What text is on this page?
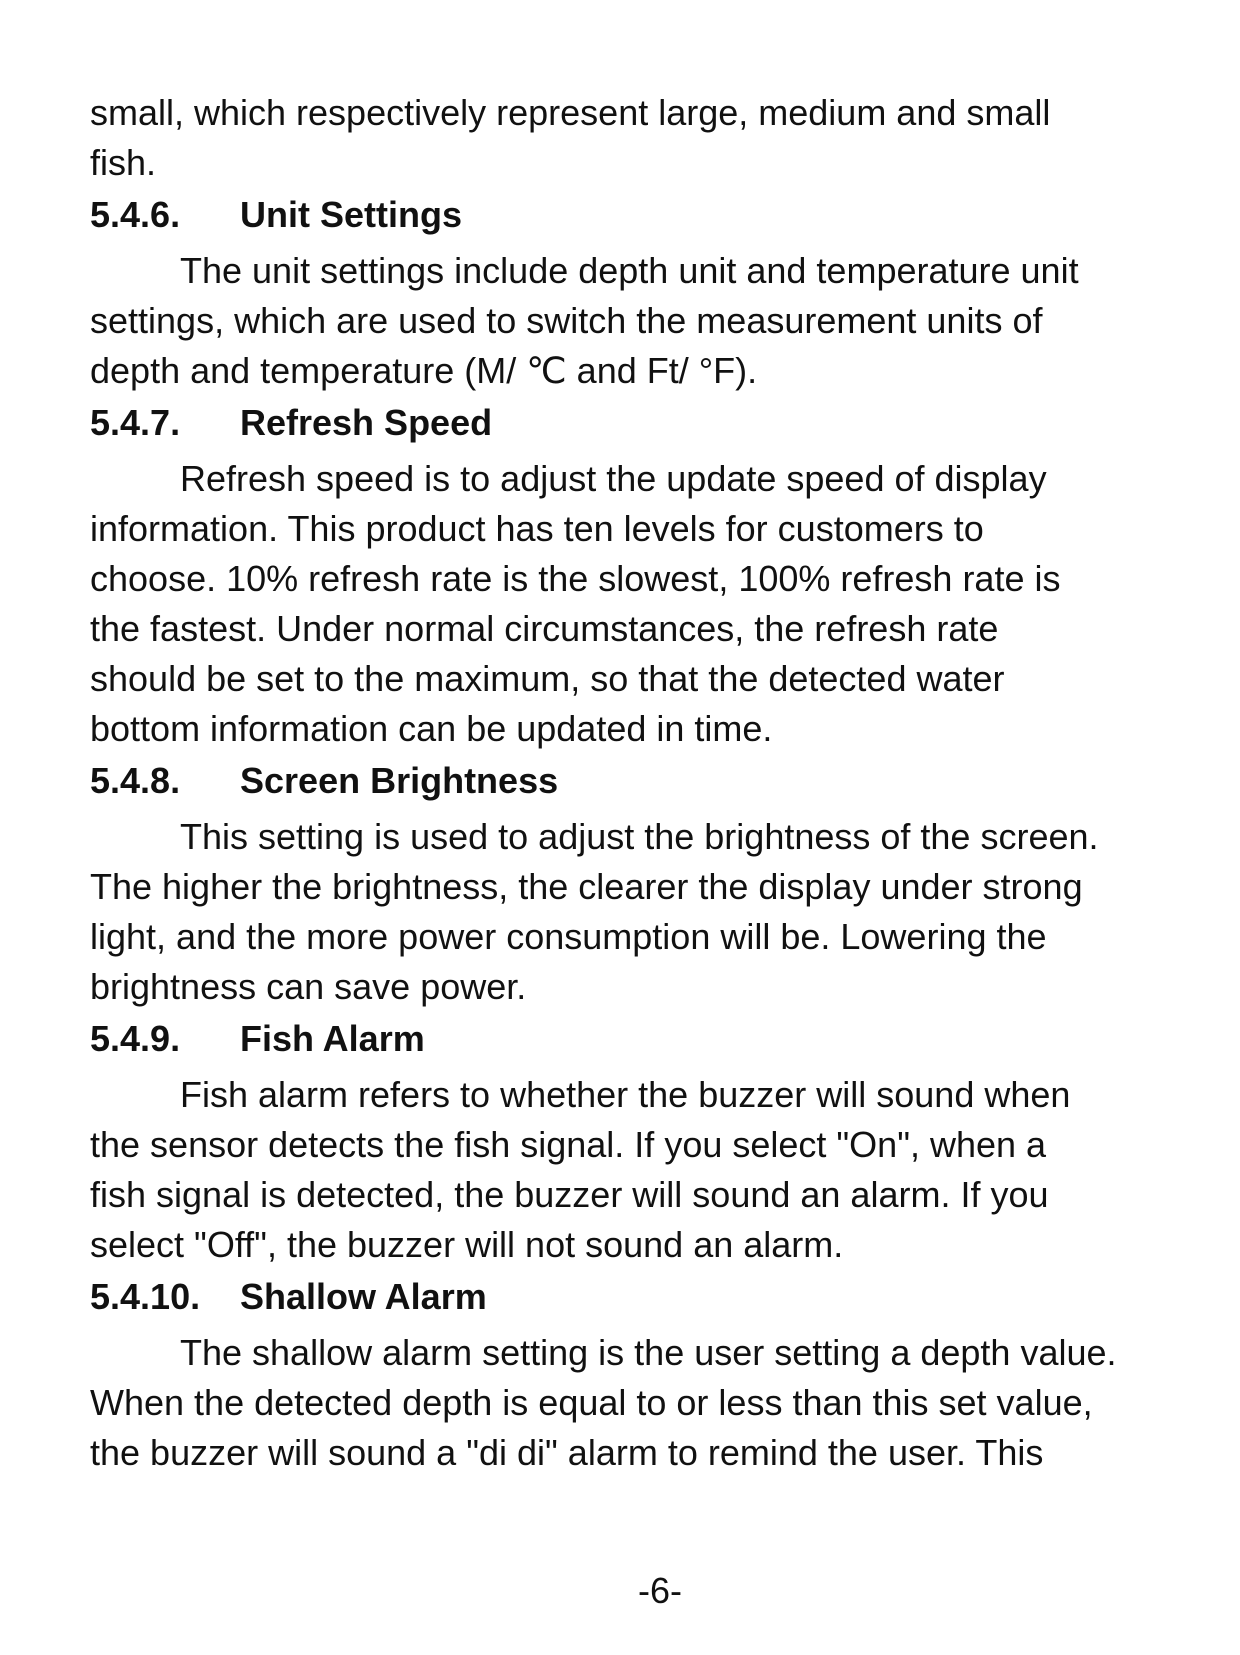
small, which respectively represent large, medium and small

fish.

5.4.6.	Unit Settings

The unit settings include depth unit and temperature unit

settings, which are used to switch the measurement units of

depth and temperature (M/ ℃ and Ft/ °F).

5.4.7.	Refresh Speed

Refresh speed is to adjust the update speed of display

information. This product has ten levels for customers to

choose. 10% refresh rate is the slowest, 100% refresh rate is

the fastest. Under normal circumstances, the refresh rate

should be set to the maximum, so that the detected water

bottom information can be updated in time.

5.4.8.	Screen Brightness

This setting is used to adjust the brightness of the screen.

The higher the brightness, the clearer the display under strong

light, and the more power consumption will be. Lowering the

brightness can save power.

5.4.9.	Fish Alarm

Fish alarm refers to whether the buzzer will sound when

the sensor detects the fish signal. If you select "On", when a

fish signal is detected, the buzzer will sound an alarm. If you

select "Off", the buzzer will not sound an alarm.

5.4.10.	Shallow Alarm

The shallow alarm setting is the user setting a depth value.

When the detected depth is equal to or less than this set value,

the buzzer will sound a "di di" alarm to remind the user. This

-6-
